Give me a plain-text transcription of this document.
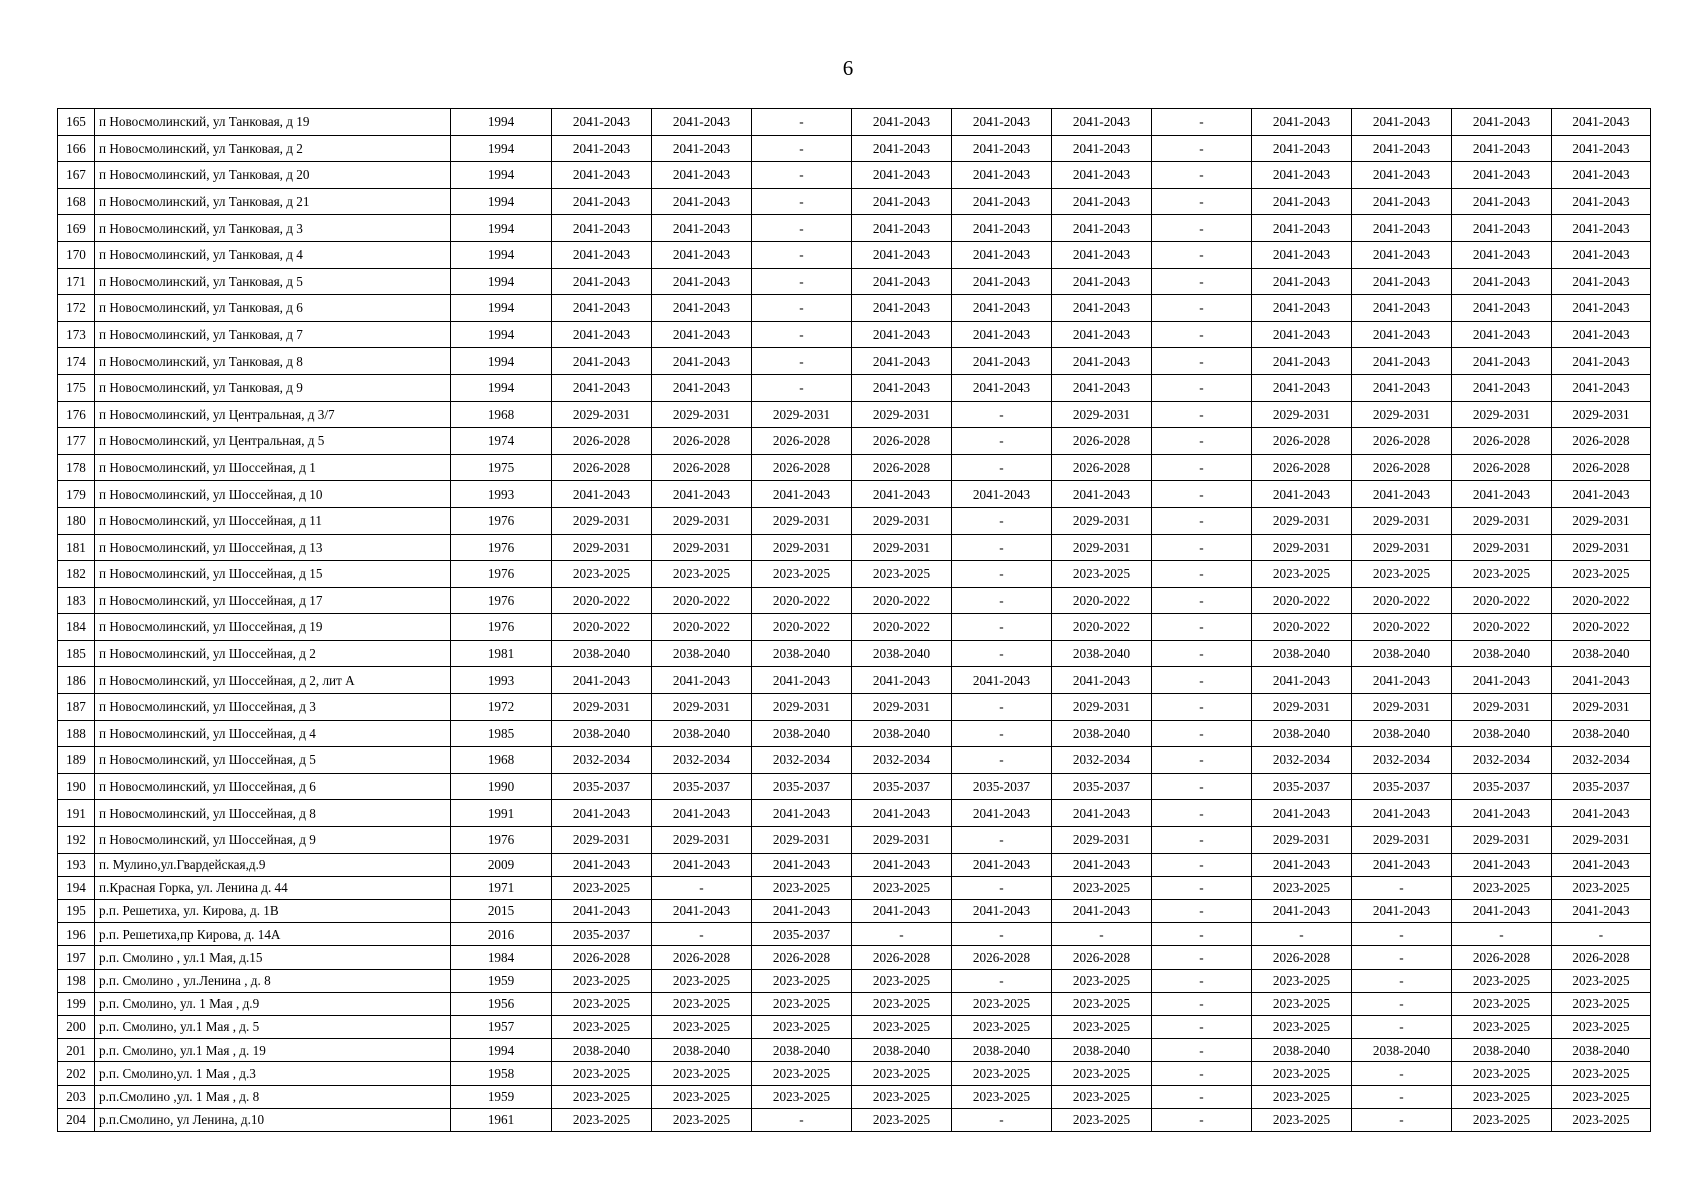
6
165	п Новосмолинский, ул Танковая, д 19	1994	2041-2043	2041-2043	-	2041-2043	2041-2043	2041-2043	-	2041-2043	2041-2043	2041-2043	2041-2043
166	п Новосмолинский, ул Танковая, д 2	1994	2041-2043	2041-2043	-	2041-2043	2041-2043	2041-2043	-	2041-2043	2041-2043	2041-2043	2041-2043
167	п Новосмолинский, ул Танковая, д 20	1994	2041-2043	2041-2043	-	2041-2043	2041-2043	2041-2043	-	2041-2043	2041-2043	2041-2043	2041-2043
168	п Новосмолинский, ул Танковая, д 21	1994	2041-2043	2041-2043	-	2041-2043	2041-2043	2041-2043	-	2041-2043	2041-2043	2041-2043	2041-2043
169	п Новосмолинский, ул Танковая, д 3	1994	2041-2043	2041-2043	-	2041-2043	2041-2043	2041-2043	-	2041-2043	2041-2043	2041-2043	2041-2043
170	п Новосмолинский, ул Танковая, д 4	1994	2041-2043	2041-2043	-	2041-2043	2041-2043	2041-2043	-	2041-2043	2041-2043	2041-2043	2041-2043
171	п Новосмолинский, ул Танковая, д 5	1994	2041-2043	2041-2043	-	2041-2043	2041-2043	2041-2043	-	2041-2043	2041-2043	2041-2043	2041-2043
172	п Новосмолинский, ул Танковая, д 6	1994	2041-2043	2041-2043	-	2041-2043	2041-2043	2041-2043	-	2041-2043	2041-2043	2041-2043	2041-2043
173	п Новосмолинский, ул Танковая, д 7	1994	2041-2043	2041-2043	-	2041-2043	2041-2043	2041-2043	-	2041-2043	2041-2043	2041-2043	2041-2043
174	п Новосмолинский, ул Танковая, д 8	1994	2041-2043	2041-2043	-	2041-2043	2041-2043	2041-2043	-	2041-2043	2041-2043	2041-2043	2041-2043
175	п Новосмолинский, ул Танковая, д 9	1994	2041-2043	2041-2043	-	2041-2043	2041-2043	2041-2043	-	2041-2043	2041-2043	2041-2043	2041-2043
176	п Новосмолинский, ул Центральная, д 3/7	1968	2029-2031	2029-2031	2029-2031	2029-2031	-	2029-2031	-	2029-2031	2029-2031	2029-2031	2029-2031
177	п Новосмолинский, ул Центральная, д 5	1974	2026-2028	2026-2028	2026-2028	2026-2028	-	2026-2028	-	2026-2028	2026-2028	2026-2028	2026-2028
178	п Новосмолинский, ул Шоссейная, д 1	1975	2026-2028	2026-2028	2026-2028	2026-2028	-	2026-2028	-	2026-2028	2026-2028	2026-2028	2026-2028
179	п Новосмолинский, ул Шоссейная, д 10	1993	2041-2043	2041-2043	2041-2043	2041-2043	2041-2043	2041-2043	-	2041-2043	2041-2043	2041-2043	2041-2043
180	п Новосмолинский, ул Шоссейная, д 11	1976	2029-2031	2029-2031	2029-2031	2029-2031	-	2029-2031	-	2029-2031	2029-2031	2029-2031	2029-2031
181	п Новосмолинский, ул Шоссейная, д 13	1976	2029-2031	2029-2031	2029-2031	2029-2031	-	2029-2031	-	2029-2031	2029-2031	2029-2031	2029-2031
182	п Новосмолинский, ул Шоссейная, д 15	1976	2023-2025	2023-2025	2023-2025	2023-2025	-	2023-2025	-	2023-2025	2023-2025	2023-2025	2023-2025
183	п Новосмолинский, ул Шоссейная, д 17	1976	2020-2022	2020-2022	2020-2022	2020-2022	-	2020-2022	-	2020-2022	2020-2022	2020-2022	2020-2022
184	п Новосмолинский, ул Шоссейная, д 19	1976	2020-2022	2020-2022	2020-2022	2020-2022	-	2020-2022	-	2020-2022	2020-2022	2020-2022	2020-2022
185	п Новосмолинский, ул Шоссейная, д 2	1981	2038-2040	2038-2040	2038-2040	2038-2040	-	2038-2040	-	2038-2040	2038-2040	2038-2040	2038-2040
186	п Новосмолинский, ул Шоссейная, д 2, лит А	1993	2041-2043	2041-2043	2041-2043	2041-2043	2041-2043	2041-2043	-	2041-2043	2041-2043	2041-2043	2041-2043
187	п Новосмолинский, ул Шоссейная, д 3	1972	2029-2031	2029-2031	2029-2031	2029-2031	-	2029-2031	-	2029-2031	2029-2031	2029-2031	2029-2031
188	п Новосмолинский, ул Шоссейная, д 4	1985	2038-2040	2038-2040	2038-2040	2038-2040	-	2038-2040	-	2038-2040	2038-2040	2038-2040	2038-2040
189	п Новосмолинский, ул Шоссейная, д 5	1968	2032-2034	2032-2034	2032-2034	2032-2034	-	2032-2034	-	2032-2034	2032-2034	2032-2034	2032-2034
190	п Новосмолинский, ул Шоссейная, д 6	1990	2035-2037	2035-2037	2035-2037	2035-2037	2035-2037	2035-2037	-	2035-2037	2035-2037	2035-2037	2035-2037
191	п Новосмолинский, ул Шоссейная, д 8	1991	2041-2043	2041-2043	2041-2043	2041-2043	2041-2043	2041-2043	-	2041-2043	2041-2043	2041-2043	2041-2043
192	п Новосмолинский, ул Шоссейная, д 9	1976	2029-2031	2029-2031	2029-2031	2029-2031	-	2029-2031	-	2029-2031	2029-2031	2029-2031	2029-2031
193	п. Мулино,ул.Гвардейская,д.9	2009	2041-2043	2041-2043	2041-2043	2041-2043	2041-2043	2041-2043	-	2041-2043	2041-2043	2041-2043	2041-2043
194	п.Красная Горка, ул. Ленина д. 44	1971	2023-2025	-	2023-2025	2023-2025	-	2023-2025	-	2023-2025	-	2023-2025	2023-2025
195	р.п. Решетиха, ул. Кирова, д. 1В	2015	2041-2043	2041-2043	2041-2043	2041-2043	2041-2043	2041-2043	-	2041-2043	2041-2043	2041-2043	2041-2043
196	р.п. Решетиха,пр Кирова, д. 14А	2016	2035-2037	-	2035-2037	-	-	-	-	-	-	-	-
197	р.п. Смолино , ул.1 Мая, д.15	1984	2026-2028	2026-2028	2026-2028	2026-2028	2026-2028	2026-2028	-	2026-2028	-	2026-2028	2026-2028
198	р.п. Смолино , ул.Ленина , д. 8	1959	2023-2025	2023-2025	2023-2025	2023-2025	-	2023-2025	-	2023-2025	-	2023-2025	2023-2025
199	р.п. Смолино, ул. 1 Мая , д.9	1956	2023-2025	2023-2025	2023-2025	2023-2025	2023-2025	2023-2025	-	2023-2025	-	2023-2025	2023-2025
200	р.п. Смолино, ул.1 Мая , д. 5	1957	2023-2025	2023-2025	2023-2025	2023-2025	2023-2025	2023-2025	-	2023-2025	-	2023-2025	2023-2025
201	р.п. Смолино, ул.1 Мая , д. 19	1994	2038-2040	2038-2040	2038-2040	2038-2040	2038-2040	2038-2040	-	2038-2040	2038-2040	2038-2040	2038-2040
202	р.п. Смолино,ул. 1 Мая , д.3	1958	2023-2025	2023-2025	2023-2025	2023-2025	2023-2025	2023-2025	-	2023-2025	-	2023-2025	2023-2025
203	р.п.Смолино ,ул. 1 Мая , д. 8	1959	2023-2025	2023-2025	2023-2025	2023-2025	2023-2025	2023-2025	-	2023-2025	-	2023-2025	2023-2025
204	р.п.Смолино, ул Ленина, д.10	1961	2023-2025	2023-2025	-	2023-2025	-	2023-2025	-	2023-2025	-	2023-2025	2023-2025
